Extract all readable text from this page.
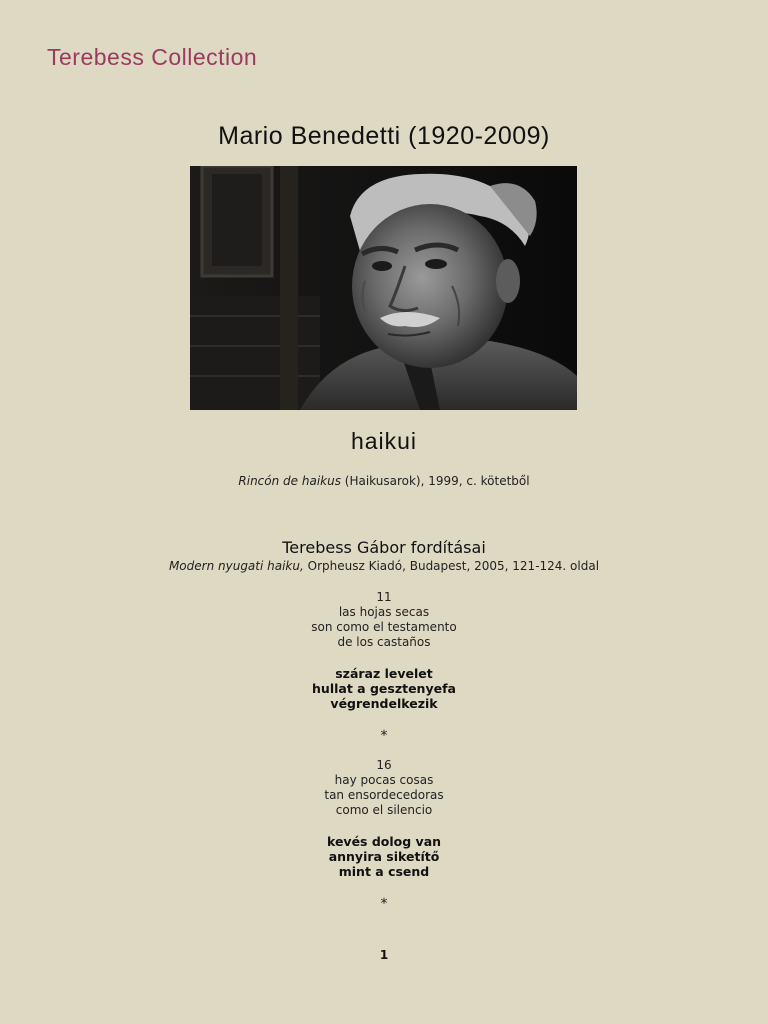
Terebess Collection
Mario Benedetti (1920-2009)
haikui
Rincón de haikus (Haikusarok), 1999, c. kötetből
Terebess Gábor fordításai
Modern nyugati haiku, Orpheusz Kiadó, Budapest, 2005, 121-124. oldal
11
las hojas secas
son como el testamento
de los castaños
száraz levelet
hullat a gesztenyefa
végrendelkezik
*
16
hay pocas cosas
tan ensordecedoras
como el silencio
kevés dolog van
annyira siketítő
mint a csend
*
1
